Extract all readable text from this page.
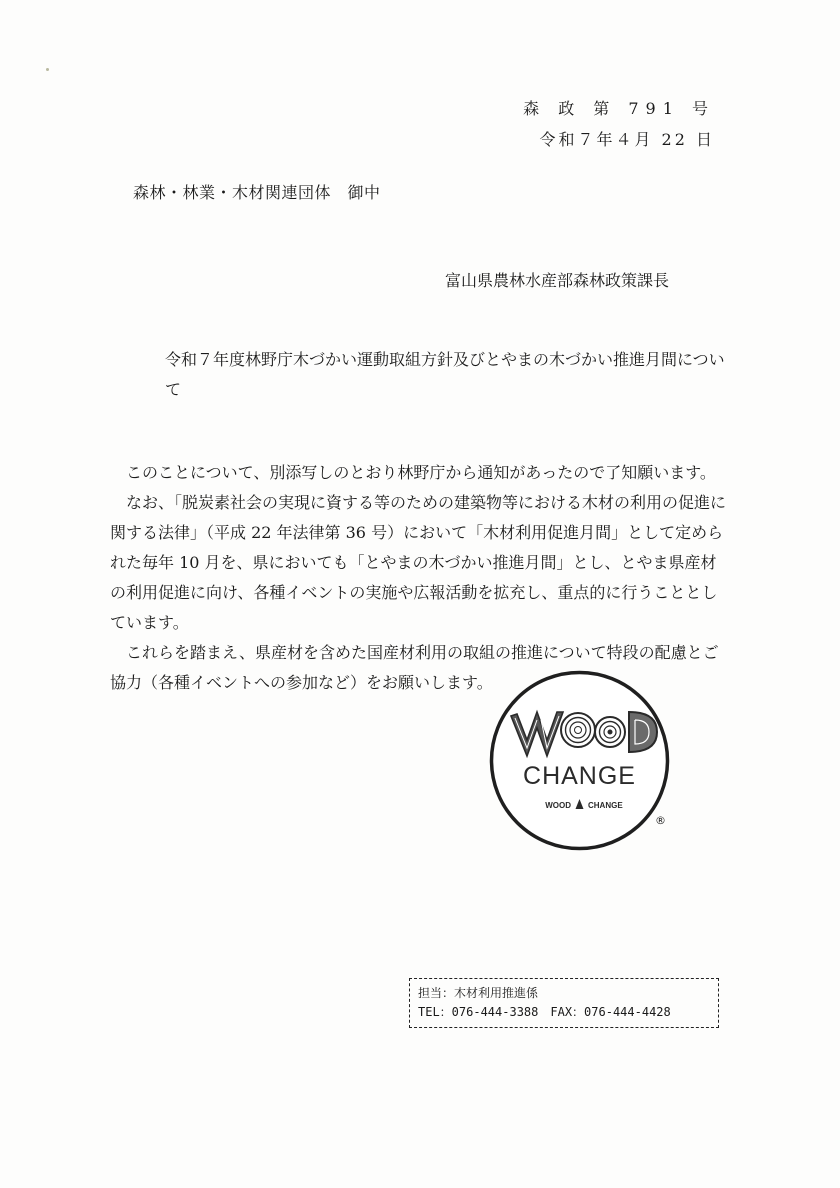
森 政 第 791 号
令和７年４月 22 日
森林・林業・木材関連団体　御中
富山県農林水産部森林政策課長
令和７年度林野庁木づかい運動取組方針及びとやまの木づかい推進月間について

このことについて、別添写しのとおり林野庁から通知があったので了知願います。

なお、「脱炭素社会の実現に資する等のための建築物等における木材の利用の促進に関する法律」（平成 22 年法律第 36 号）において「木材利用促進月間」として定められた毎年 10 月を、県においても「とやまの木づかい推進月間」とし、とやま県産材の利用促進に向け、各種イベントの実施や広報活動を拡充し、重点的に行うこととしています。

これらを踏まえ、県産材を含めた国産材利用の取組の推進について特段の配慮とご協力（各種イベントへの参加など）をお願いします。

CHANGE
WOOD CHANGE
®
担当：木材利用推進係
TEL：076-444-3388　FAX：076-444-4428
